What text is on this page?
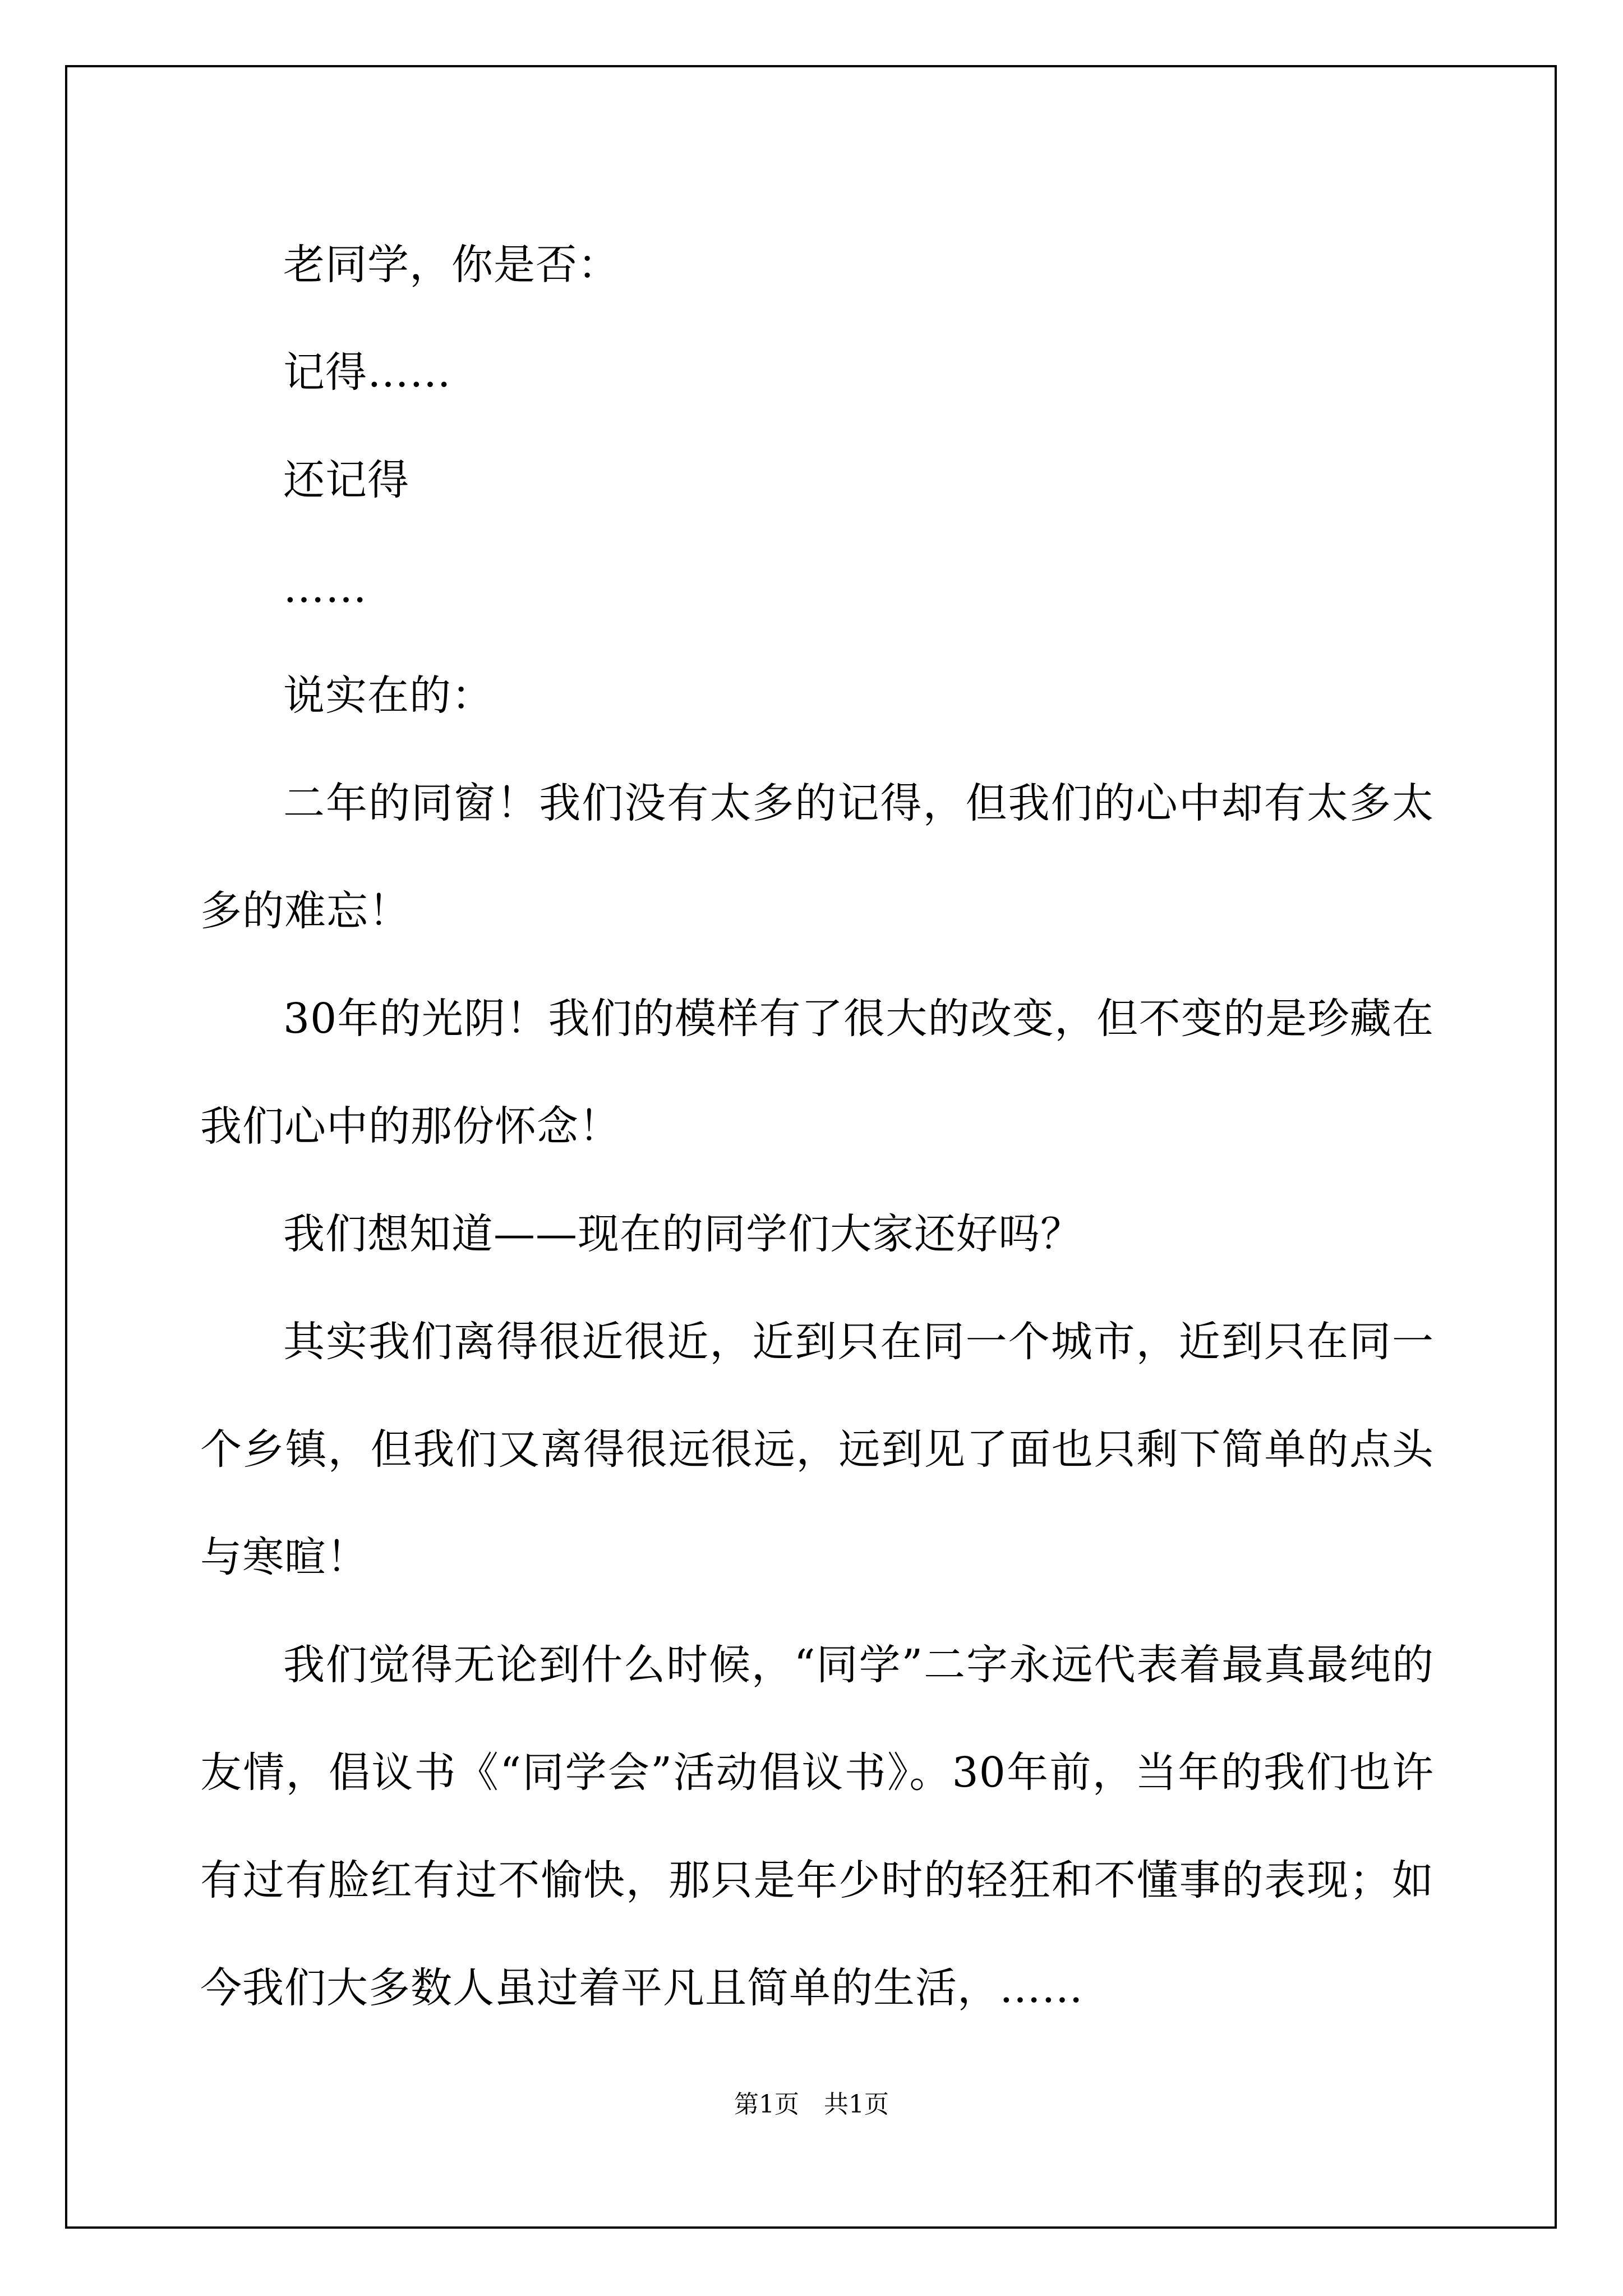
老同学，你是否：

记得……

还记得

……

说实在的：

二年的同窗！我们没有太多的记得，但我们的心中却有太多太多的难忘！

30年的光阴！我们的模样有了很大的改变，但不变的是珍藏在我们心中的那份怀念！

我们想知道——现在的同学们大家还好吗？

其实我们离得很近很近，近到只在同一个城市，近到只在同一个乡镇，但我们又离得很远很远，远到见了面也只剩下简单的点头与寒暄！

我们觉得无论到什么时候，“同学”二字永远代表着最真最纯的友情，倡议书《“同学会”活动倡议书》。30年前，当年的我们也许有过有脸红有过不愉快，那只是年少时的轻狂和不懂事的表现；如今我们大多数人虽过着平凡且简单的生活，……

第1页　共1页
